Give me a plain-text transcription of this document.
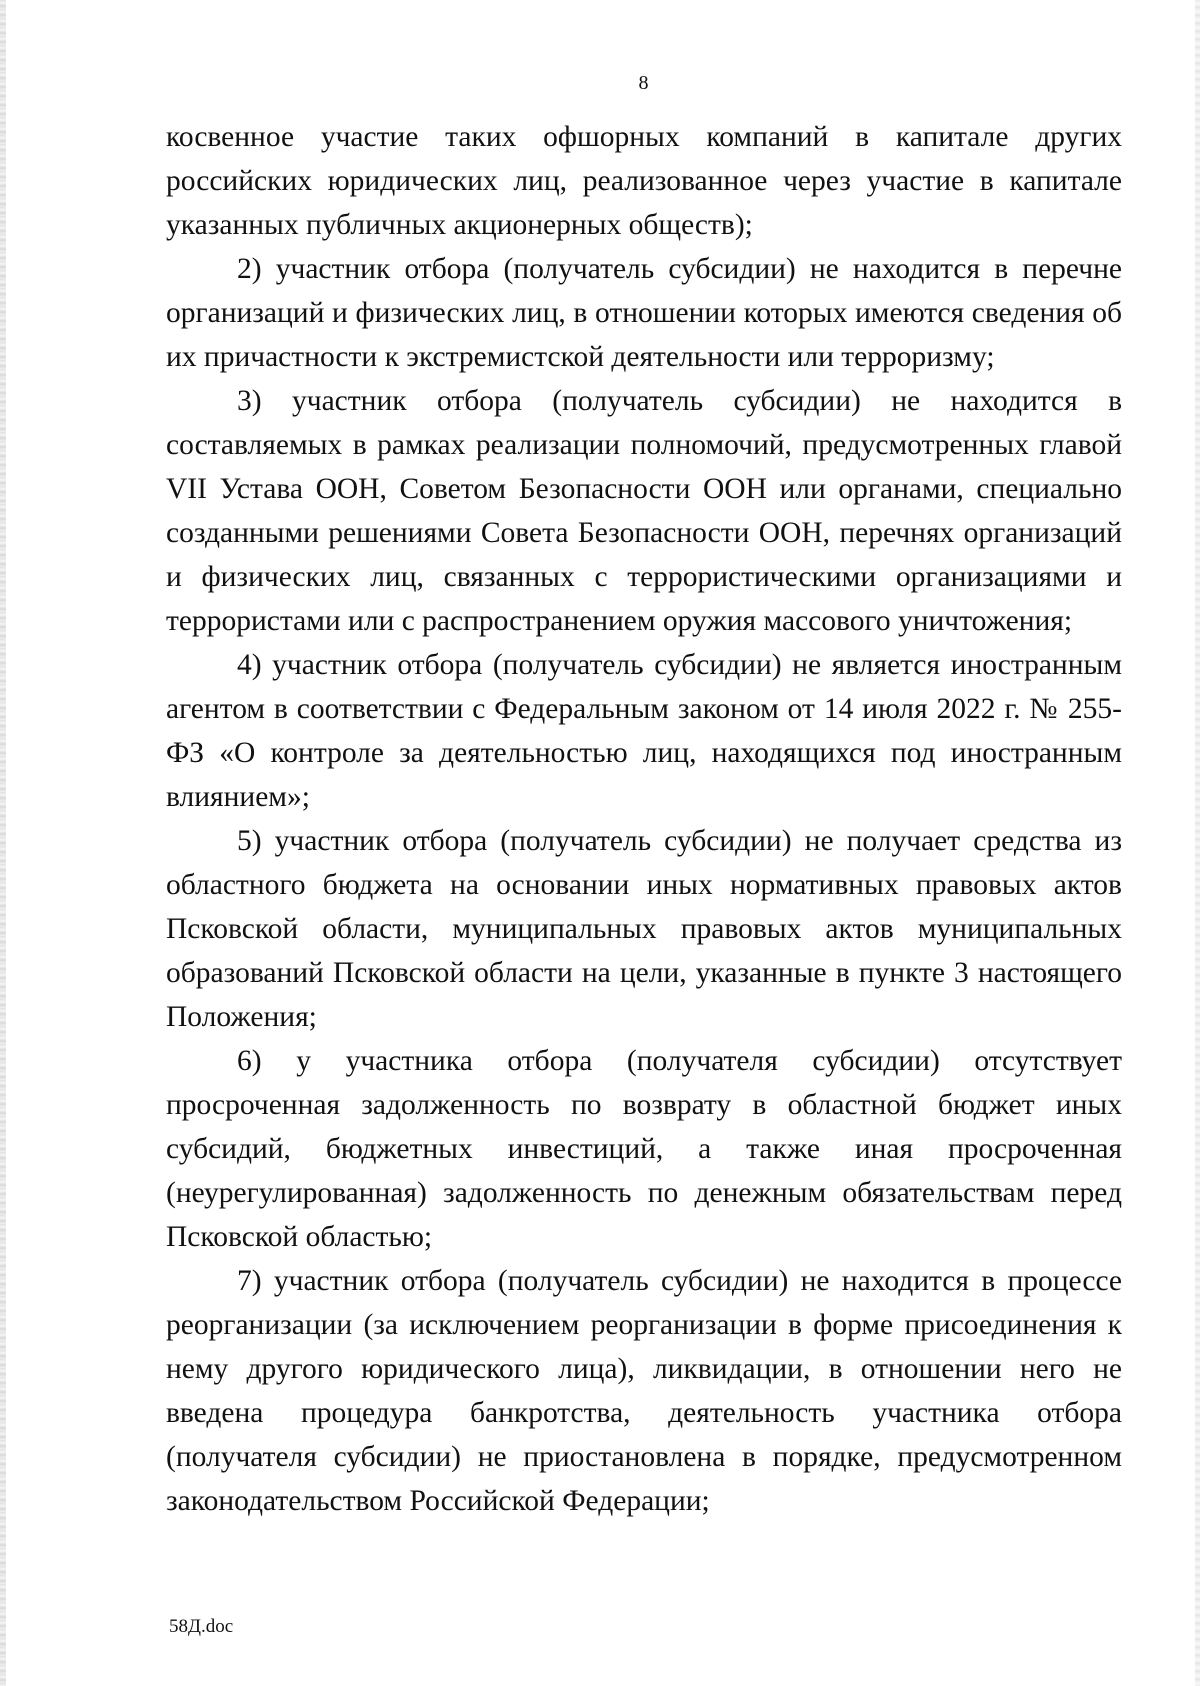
8

косвенное участие таких офшорных компаний в капитале других российских юридических лиц, реализованное через участие в капитале указанных публичных акционерных обществ);

2) участник отбора (получатель субсидии) не находится в перечне организаций и физических лиц, в отношении которых имеются сведения об их причастности к экстремистской деятельности или терроризму;

3) участник отбора (получатель субсидии) не находится в составляемых в рамках реализации полномочий, предусмотренных главой VII Устава ООН, Советом Безопасности ООН или органами, специально созданными решениями Совета Безопасности ООН, перечнях организаций и физических лиц, связанных с террористическими организациями и террористами или с распространением оружия массового уничтожения;

4) участник отбора (получатель субсидии) не является иностранным агентом в соответствии с Федеральным законом от 14 июля 2022 г. № 255-ФЗ «О контроле за деятельностью лиц, находящихся под иностранным влиянием»;

5) участник отбора (получатель субсидии) не получает средства из областного бюджета на основании иных нормативных правовых актов Псковской области, муниципальных правовых актов муниципальных образований Псковской области на цели, указанные в пункте 3 настоящего Положения;

6) у участника отбора (получателя субсидии) отсутствует просроченная задолженность по возврату в областной бюджет иных субсидий, бюджетных инвестиций, а также иная просроченная (неурегулированная) задолженность по денежным обязательствам перед Псковской областью;

7) участник отбора (получатель субсидии) не находится в процессе реорганизации (за исключением реорганизации в форме присоединения к нему другого юридического лица), ликвидации, в отношении него не введена процедура банкротства, деятельность участника отбора (получателя субсидии) не приостановлена в порядке, предусмотренном законодательством Российской Федерации;

58Д.doc
